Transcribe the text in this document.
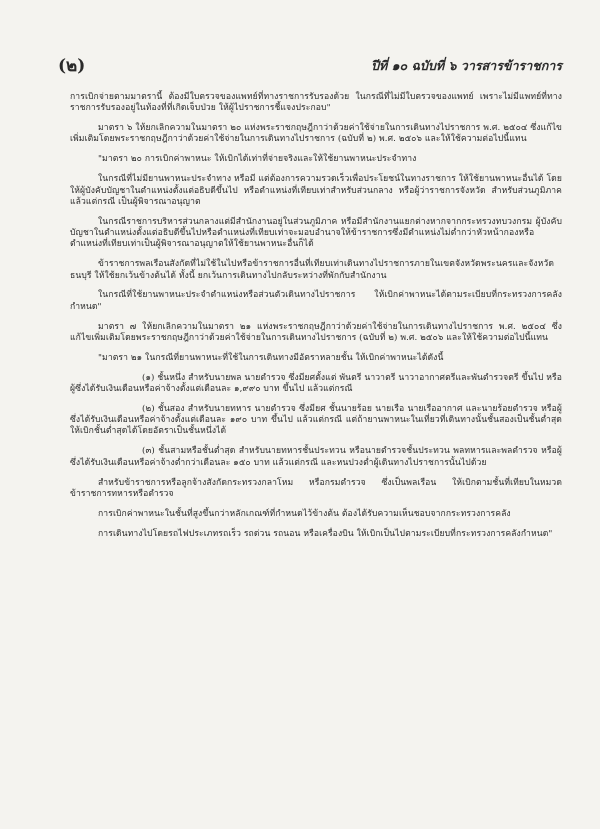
(๒)	ปีที่ ๑๐ ฉบับที่ ๖ วารสารข้าราชการ

การเบิกจ่ายตามมาตรานี้ ต้องมีใบตรวจของแพทย์ที่ทางราชการรับรองด้วย ในกรณีที่ไม่มีใบตรวจของแพทย์ เพราะไม่มีแพทย์ที่ทางราชการรับรองอยู่ในท้องที่ที่เกิดเจ็บป่วย ให้ผู้ไปราชการชี้แจงประกอบ"

มาตรา ๖ ให้ยกเลิกความในมาตรา ๒๐ แห่งพระราชกฤษฎีกาว่าด้วยค่าใช้จ่ายในการเดินทางไปราชการ พ.ศ. ๒๕๐๔ ซึ่งแก้ไขเพิ่มเติมโดยพระราชกฤษฎีกาว่าด้วยค่าใช้จ่ายในการเดินทางไปราชการ (ฉบับที่ ๒) พ.ศ. ๒๕๐๖ และให้ใช้ความต่อไปนี้แทน

"มาตรา ๒๐ การเบิกค่าพาหนะ ให้เบิกได้เท่าที่จ่ายจริงและให้ใช้ยานพาหนะประจำทาง

ในกรณีที่ไม่มียานพาหนะประจำทาง หรือมี แต่ต้องการความรวดเร็วเพื่อประโยชน์ในทางราชการ ให้ใช้ยานพาหนะอื่นได้ โดยให้ผู้บังคับบัญชาในตำแหน่งตั้งแต่อธิบดีขึ้นไป หรือตำแหน่งที่เทียบเท่าสำหรับส่วนกลาง หรือผู้ว่าราชการจังหวัด สำหรับส่วนภูมิภาค แล้วแต่กรณี เป็นผู้พิจารณาอนุญาต

ในกรณีราชการบริหารส่วนกลางแต่มีสำนักงานอยู่ในส่วนภูมิภาค หรือมีสำนักงานแยกต่างหากจากกระทรวงทบวงกรม ผู้บังคับบัญชาในตำแหน่งตั้งแต่อธิบดีขึ้นไปหรือตำแหน่งที่เทียบเท่าจะมอบอำนาจให้ข้าราชการซึ่งมีตำแหน่งไม่ต่ำกว่าหัวหน้ากองหรือตำแหน่งที่เทียบเท่าเป็นผู้พิจารณาอนุญาตให้ใช้ยานพาหนะอื่นก็ได้

ข้าราชการพลเรือนสังกัดที่ไม่ใช้ในไปหรือข้าราชการอื่นที่เทียบเท่าเดินทางไปราชการภายในเขตจังหวัดพระนครและจังหวัดธนบุรี ให้ใช้ยกเว้นข้างต้นได้ ทั้งนี้ ยกเว้นการเดินทางไปกลับระหว่างที่พักกับสำนักงาน

ในกรณีที่ใช้ยานพาหนะประจำตำแหน่งหรือส่วนตัวเดินทางไปราชการ ให้เบิกค่าพาหนะได้ตามระเบียบที่กระทรวงการคลังกำหนด"

มาตรา ๗ ให้ยกเลิกความในมาตรา ๒๑ แห่งพระราชกฤษฎีกาว่าด้วยค่าใช้จ่ายในการเดินทางไปราชการ พ.ศ. ๒๕๐๔ ซึ่งแก้ไขเพิ่มเติมโดยพระราชกฤษฎีกาว่าด้วยค่าใช้จ่ายในการเดินทางไปราชการ (ฉบับที่ ๒) พ.ศ. ๒๕๐๖ และให้ใช้ความต่อไปนี้แทน

"มาตรา ๒๑ ในกรณีที่ยานพาหนะที่ใช้ในการเดินทางมีอัตราหลายชั้น ให้เบิกค่าพาหนะได้ดังนี้

(๑) ชั้นหนึ่ง สำหรับนายพล นายตำรวจ ซึ่งมียศตั้งแต่ พันตรี นาวาตรี นาวาอากาศตรีและพันตำรวจตรี ขึ้นไป หรือผู้ซึ่งได้รับเงินเดือนหรือค่าจ้างตั้งแต่เดือนละ ๑,๙๙๐ บาท ขึ้นไป แล้วแต่กรณี

(๒) ชั้นสอง สำหรับนายทหาร นายตำรวจ ซึ่งมียศ ชั้นนายร้อย นายเรือ นายเรืออากาศ และนายร้อยตำรวจ หรือผู้ซึ่งได้รับเงินเดือนหรือค่าจ้างตั้งแต่เดือนละ ๑๙๐ บาท ขึ้นไป แล้วแต่กรณี แต่ถ้ายานพาหนะในเที่ยวที่เดินทางนั้นชั้นสองเป็นชั้นต่ำสุด ให้เบิกชั้นต่ำสุดได้โดยอัตราเป็นชั้นหนึ่งได้

(๓) ชั้นสามหรือชั้นต่ำสุด สำหรับนายทหารชั้นประทวน หรือนายตำรวจชั้นประทวน พลทหารและพลตำรวจ หรือผู้ซึ่งได้รับเงินเดือนหรือค่าจ้างต่ำกว่าเดือนละ ๑๕๐ บาท แล้วแต่กรณี และหนปวงต่ำผู้เดินทางไปราชการนั้นไปด้วย

สำหรับข้าราชการหรือลูกจ้างสังกัดกระทรวงกลาโหม หรือกรมตำรวจ ซึ่งเป็นพลเรือน ให้เบิกตามชั้นที่เทียบในหมวดข้าราชการทหารหรือตำรวจ

การเบิกค่าพาหนะในชั้นที่สูงขึ้นกว่าหลักเกณฑ์ที่กำหนดไว้ข้างต้น ต้องได้รับความเห็นชอบจากกระทรวงการคลัง

การเดินทางไปโดยรถไฟประเภทรถเร็ว รถด่วน รถนอน หรือเครื่องบิน ให้เบิกเป็นไปตามระเบียบที่กระทรวงการคลังกำหนด"
